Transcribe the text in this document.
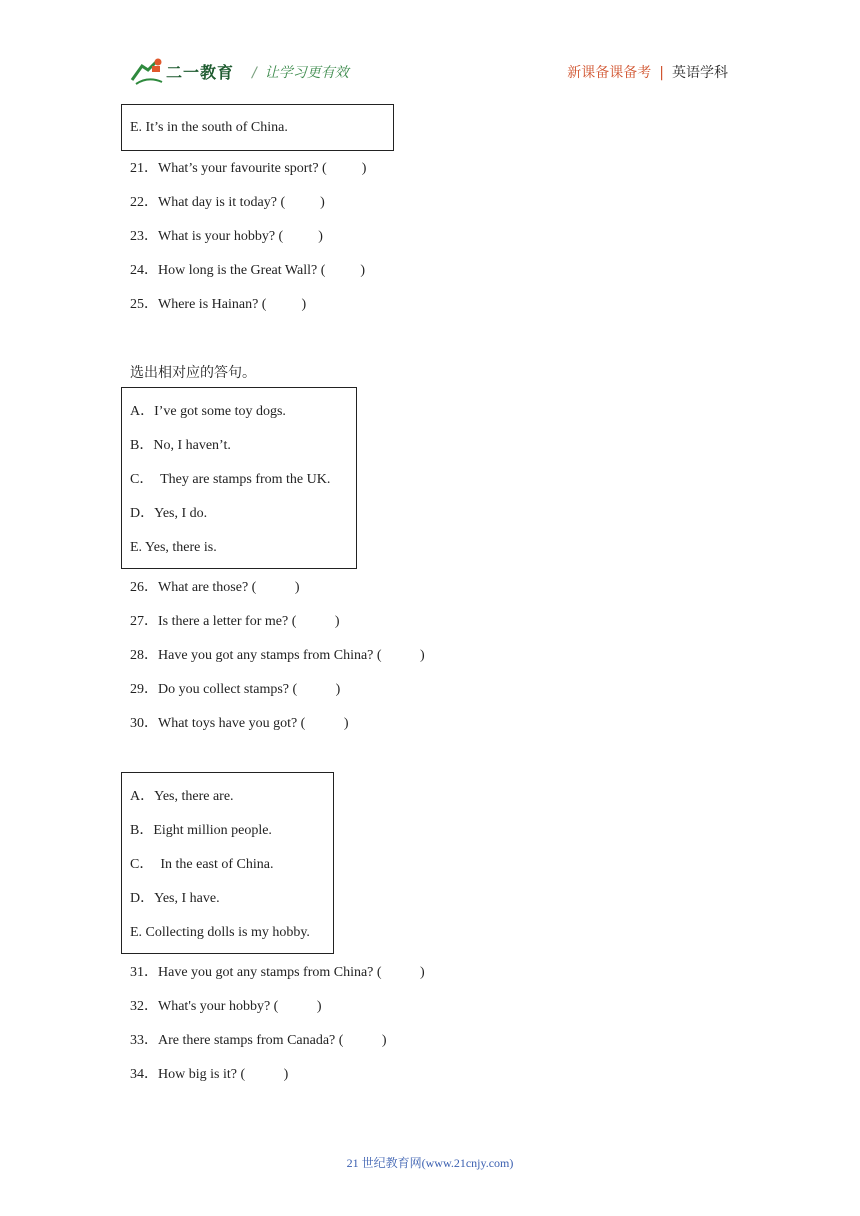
二一教育 / 让学习更有效	新课备课备考 | 英语学科
E. It’s in the south of China.
21．What’s your favourite sport? (          )
22．What day is it today? (          )
23．What is your hobby? (          )
24．How long is the Great Wall? (          )
25．Where is Hainan? (          )
选出相对应的答句。
A．I’ve got some toy dogs.
B．No, I haven’t.
C．  They are stamps from the UK.
D．Yes, I do.
E. Yes, there is.
26．What are those? (           )
27．Is there a letter for me? (           )
28．Have you got any stamps from China? (           )
29．Do you collect stamps? (           )
30．What toys have you got? (           )
A．Yes, there are.
B．Eight million people.
C．  In the east of China.
D．Yes, I have.
E. Collecting dolls is my hobby.
31．Have you got any stamps from China? (           )
32．What's your hobby? (           )
33．Are there stamps from Canada? (           )
34．How big is it? (           )
21 世纪教育网(www.21cnjy.com)
